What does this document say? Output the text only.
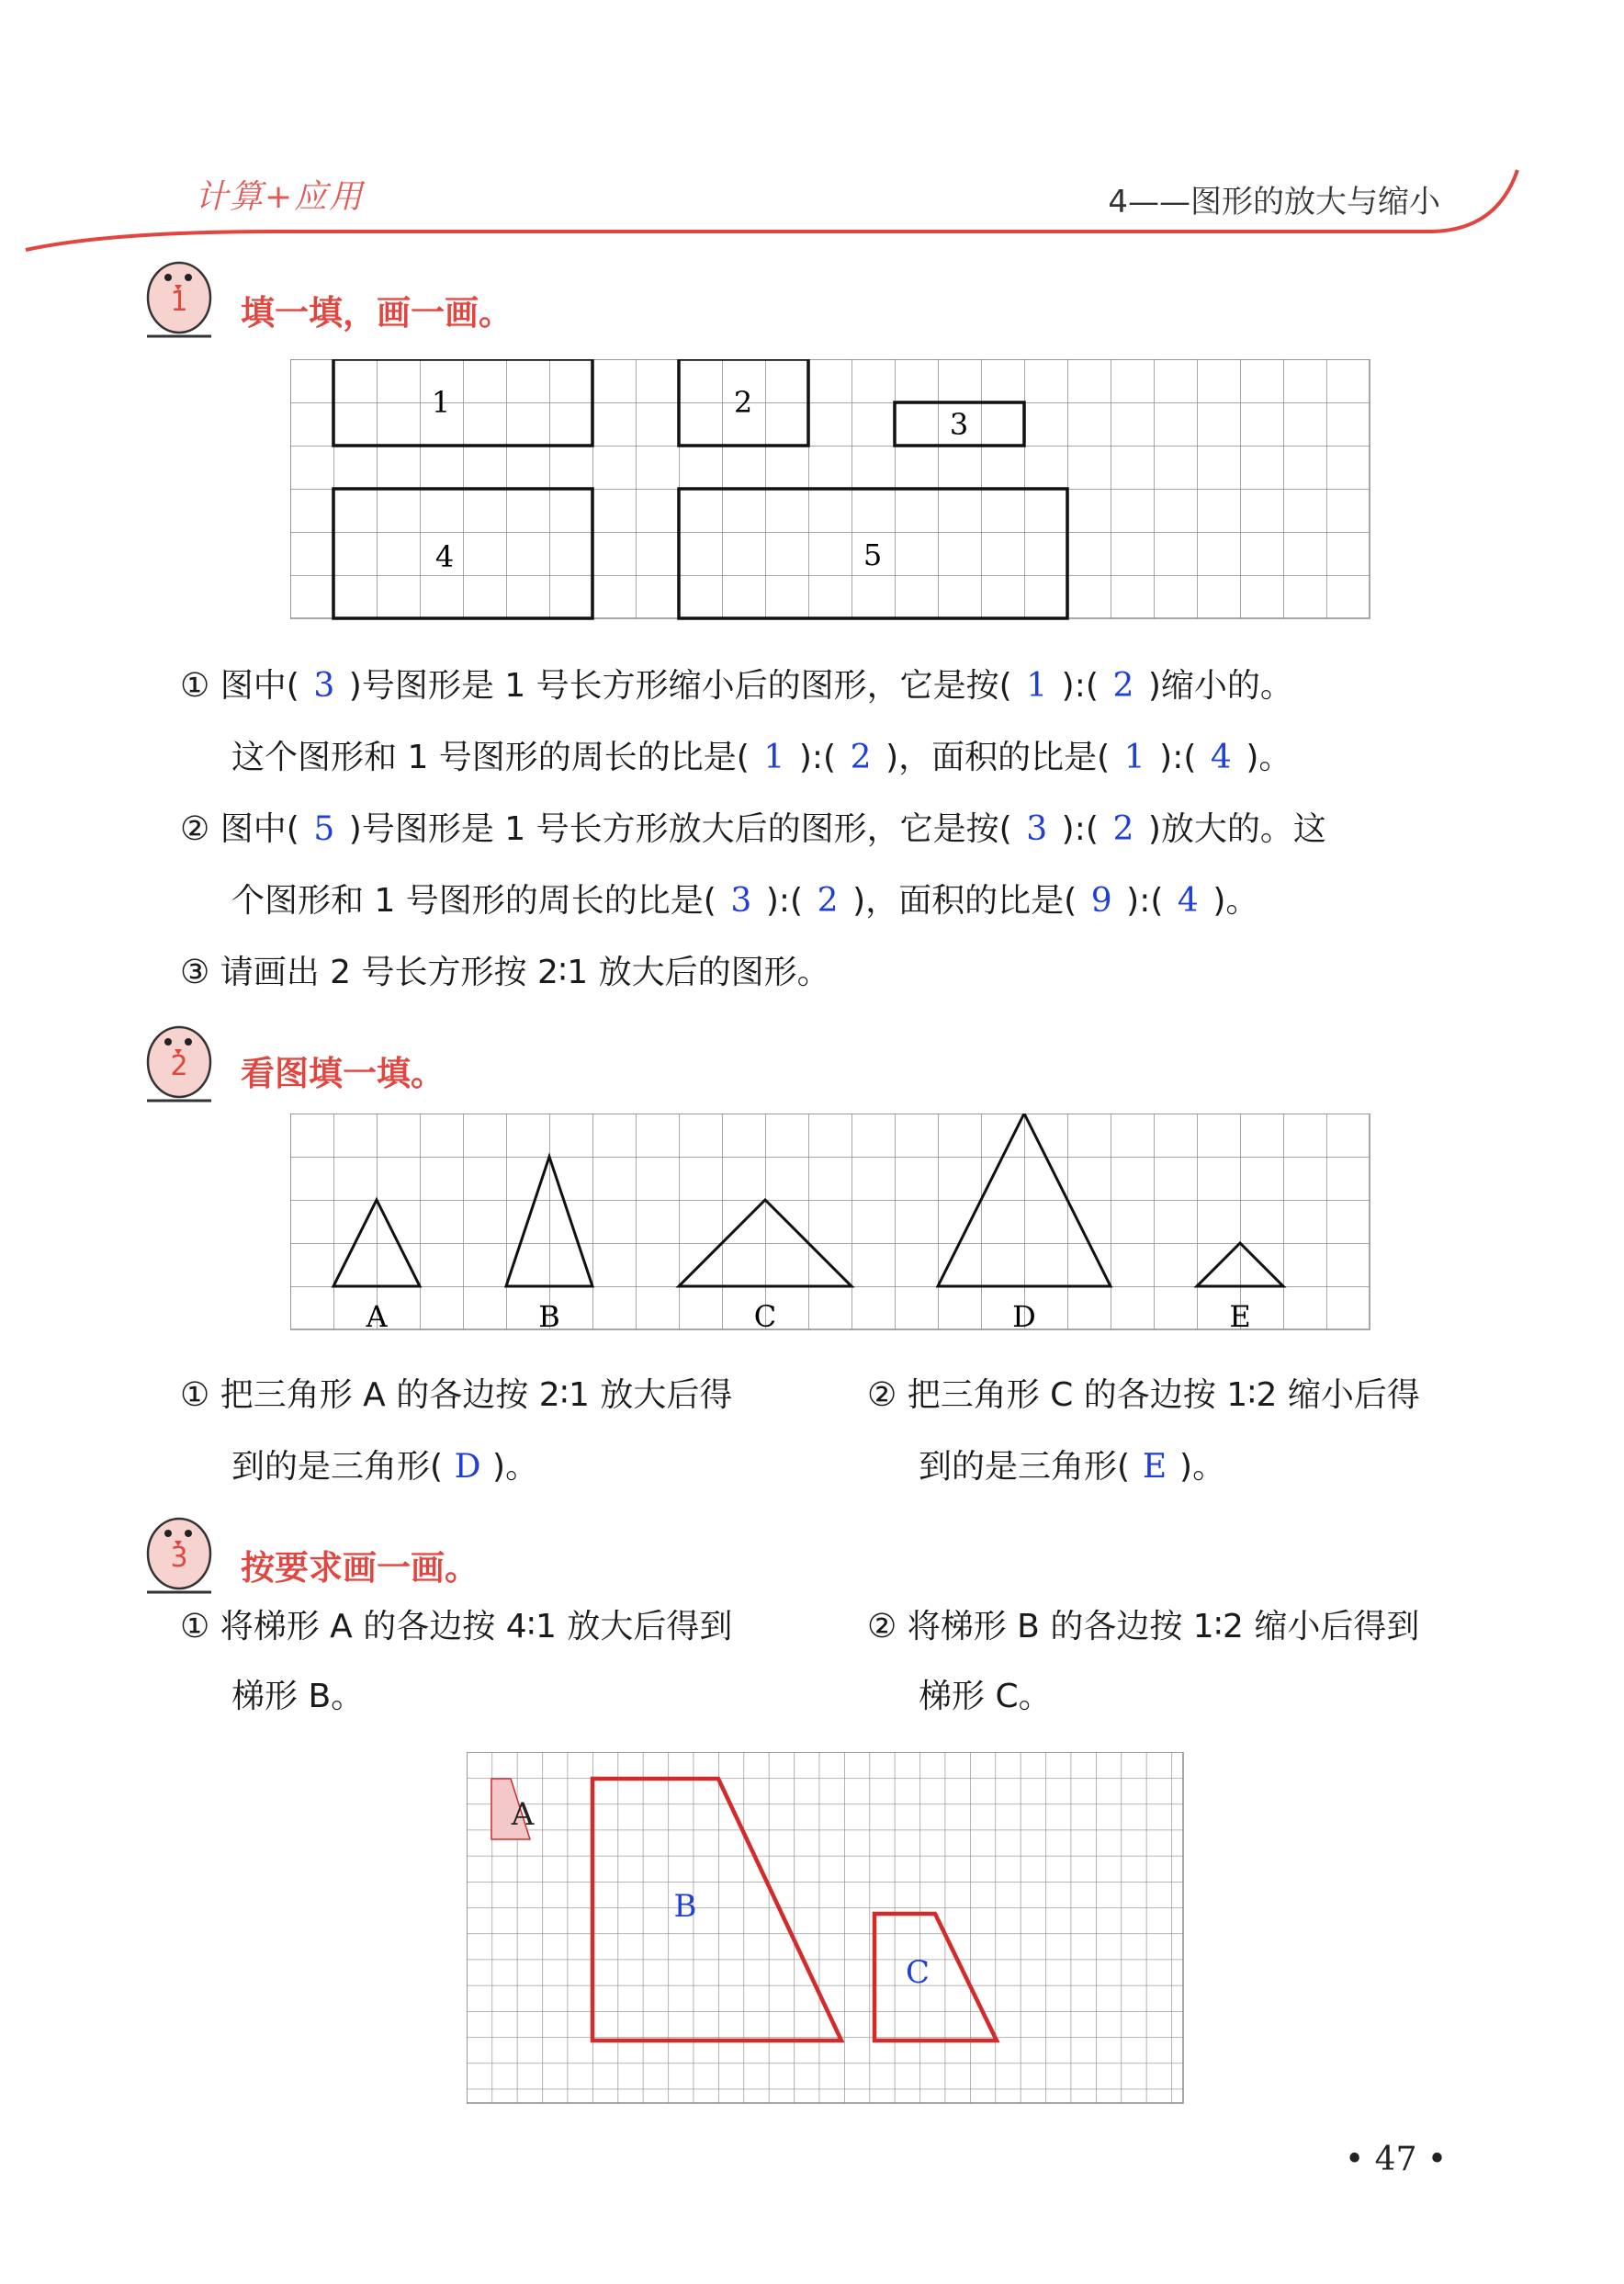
计算+应用	4——图形的放大与缩小
1 填一填，画一画。
1	2
3
4	5
① 图中( 3 )号图形是 1 号长方形缩小后的图形，它是按( 1 ):( 2 )缩小的。
这个图形和 1 号图形的周长的比是( 1 ):( 2 )，面积的比是( 1 ):( 4 )。
② 图中( 5 )号图形是 1 号长方形放大后的图形，它是按( 3 ):( 2 )放大的。这
个图形和 1 号图形的周长的比是( 3 ):( 2 )，面积的比是( 9 ):( 4 )。
③ 请画出 2 号长方形按 2∶1 放大后的图形。
2 看图填一填。
A	B	C	D	E
① 把三角形 A 的各边按 2∶1 放大后得
到的是三角形( D )。
② 把三角形 C 的各边按 1∶2 缩小后得
到的是三角形( E )。
3 按要求画一画。
① 将梯形 A 的各边按 4∶1 放大后得到
梯形 B。
② 将梯形 B 的各边按 1∶2 缩小后得到
梯形 C。
A
B
C
• 47 •
